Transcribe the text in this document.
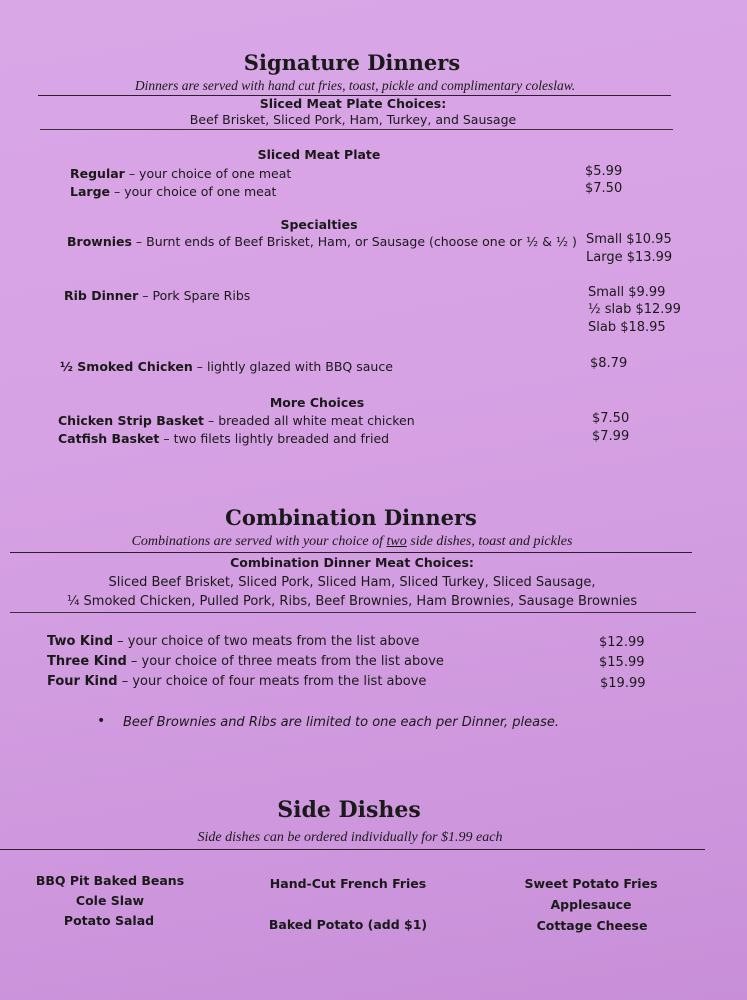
Signature Dinners
Dinners are served with hand cut fries, toast, pickle and complimentary coleslaw.
Sliced Meat Plate Choices:
Beef Brisket, Sliced Pork, Ham, Turkey, and Sausage
Sliced Meat Plate
Regular – your choice of one meat	$5.99
Large – your choice of one meat	$7.50
Specialties
Brownies – Burnt ends of Beef Brisket, Ham, or Sausage (choose one or ½ & ½ ) Small $10.95
Large $13.99
Rib Dinner – Pork Spare Ribs	Small $9.99
½ slab $12.99
Slab $18.95
½ Smoked Chicken – lightly glazed with BBQ sauce	$8.79
More Choices
Chicken Strip Basket – breaded all white meat chicken	$7.50
Catfish Basket – two filets lightly breaded and fried	$7.99
Combination Dinners
Combinations are served with your choice of two side dishes, toast and pickles
Combination Dinner Meat Choices:
Sliced Beef Brisket, Sliced Pork, Sliced Ham, Sliced Turkey, Sliced Sausage,
¼ Smoked Chicken, Pulled Pork, Ribs, Beef Brownies, Ham Brownies, Sausage Brownies
Two Kind – your choice of two meats from the list above	$12.99
Three Kind – your choice of three meats from the list above	$15.99
Four Kind – your choice of four meats from the list above	$19.99
• Beef Brownies and Ribs are limited to one each per Dinner, please.
Side Dishes
Side dishes can be ordered individually for $1.99 each
BBQ Pit Baked Beans
Cole Slaw
Potato Salad
Hand-Cut French Fries
Baked Potato (add $1)
Sweet Potato Fries
Applesauce
Cottage Cheese
